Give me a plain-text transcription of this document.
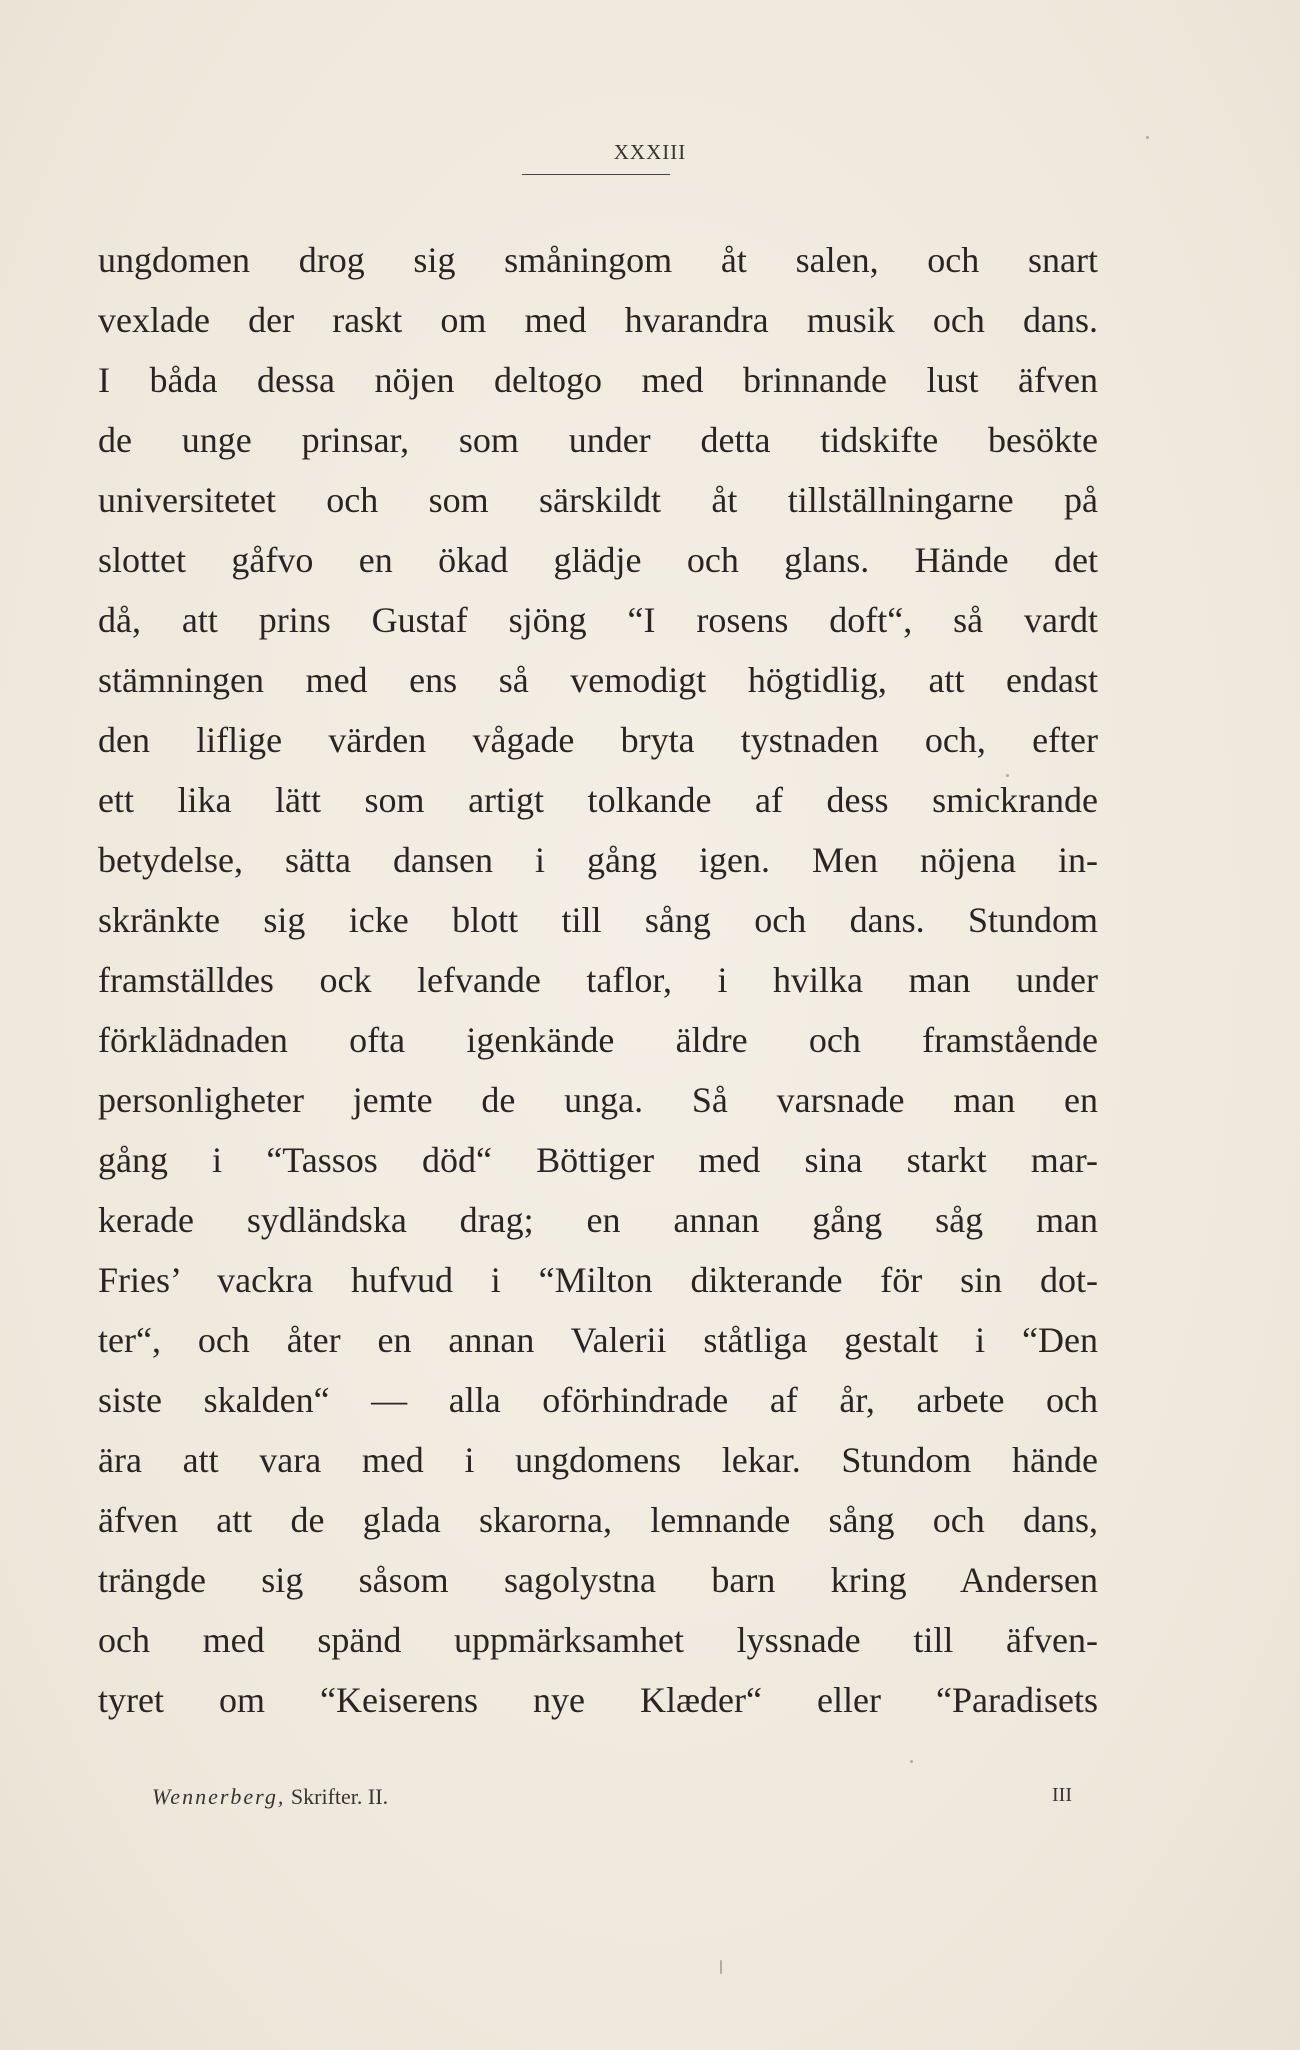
XXXIII
ungdomen drog sig småningom åt salen, och snart
vexlade der raskt om med hvarandra musik och dans.
I båda dessa nöjen deltogo med brinnande lust äfven
de unge prinsar, som under detta tidskifte besökte
universitetet och som särskildt åt tillställningarne på
slottet gåfvo en ökad glädje och glans. Hände det
då, att prins Gustaf sjöng “I rosens doft“, så vardt
stämningen med ens så vemodigt högtidlig, att endast
den liflige värden vågade bryta tystnaden och, efter
ett lika lätt som artigt tolkande af dess smickrande
betydelse, sätta dansen i gång igen. Men nöjena in-
skränkte sig icke blott till sång och dans. Stundom
framställdes ock lefvande taflor, i hvilka man under
förklädnaden ofta igenkände äldre och framstående
personligheter jemte de unga. Så varsnade man en
gång i “Tassos död“ Böttiger med sina starkt mar-
kerade sydländska drag; en annan gång såg man
Fries’ vackra hufvud i “Milton dikterande för sin dot-
ter“, och åter en annan Valerii ståtliga gestalt i “Den
siste skalden“ — alla oförhindrade af år, arbete och
ära att vara med i ungdomens lekar. Stundom hände
äfven att de glada skarorna, lemnande sång och dans,
trängde sig såsom sagolystna barn kring Andersen
och med spänd uppmärksamhet lyssnade till äfven-
tyret om “Keiserens nye Klæder“ eller “Paradisets
Wennerberg, Skrifter. II.	III
